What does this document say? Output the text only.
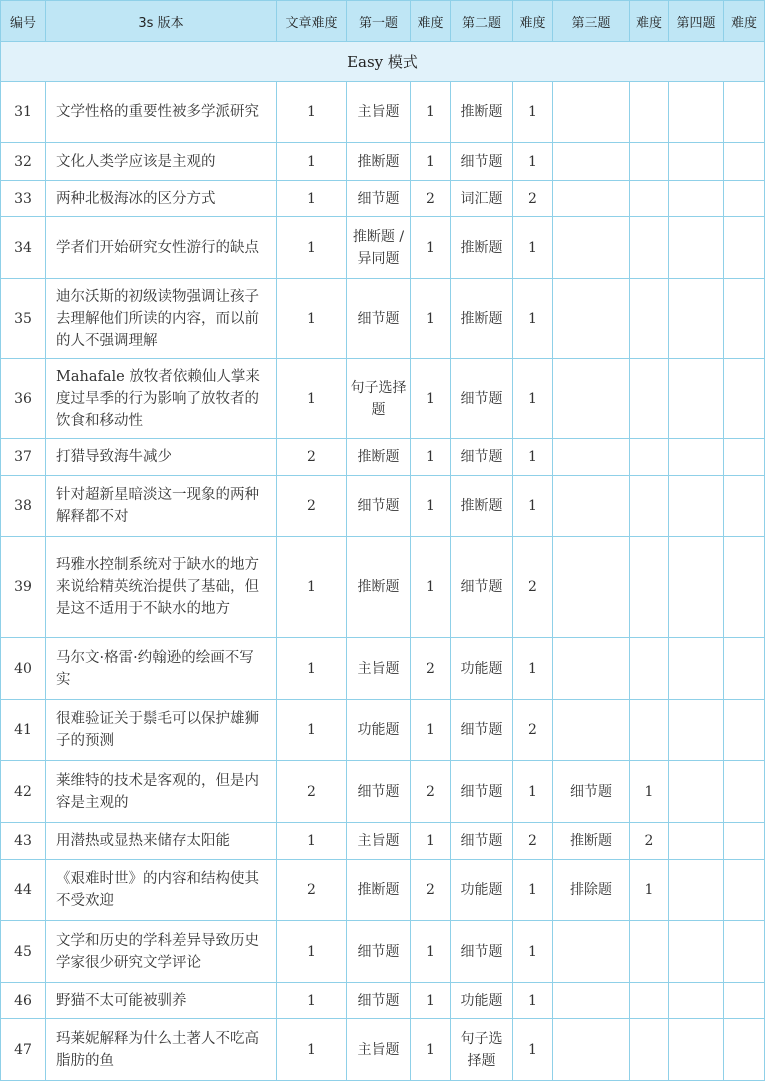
编号	3s 版本	文章难度	第一题	难度	第二题	难度	第三题	难度	第四题	难度
Easy 模式										
31	文学性格的重要性被多学派研究	1	主旨题	1	推断题	1				
32	文化人类学应该是主观的	1	推断题	1	细节题	1				
33	两种北极海冰的区分方式	1	细节题	2	词汇题	2				
34	学者们开始研究女性游行的缺点	1	推断题 / 异同题	1	推断题	1				
35	迪尔沃斯的初级读物强调让孩子去理解他们所读的内容，而以前的人不强调理解	1	细节题	1	推断题	1				
36	Mahafale 放牧者依赖仙人掌来度过旱季的行为影响了放牧者的饮食和移动性	1	句子选择题	1	细节题	1				
37	打猎导致海牛减少	2	推断题	1	细节题	1				
38	针对超新星暗淡这一现象的两种解释都不对	2	细节题	1	推断题	1				
39	玛雅水控制系统对于缺水的地方来说给精英统治提供了基础，但是这不适用于不缺水的地方	1	推断题	1	细节题	2				
40	马尔文·格雷·约翰逊的绘画不写实	1	主旨题	2	功能题	1				
41	很难验证关于鬃毛可以保护雄狮子的预测	1	功能题	1	细节题	2				
42	莱维特的技术是客观的，但是内容是主观的	2	细节题	2	细节题	1	细节题	1		
43	用潜热或显热来储存太阳能	1	主旨题	1	细节题	2	推断题	2		
44	《艰难时世》的内容和结构使其不受欢迎	2	推断题	2	功能题	1	排除题	1		
45	文学和历史的学科差异导致历史学家很少研究文学评论	1	细节题	1	细节题	1				
46	野猫不太可能被驯养	1	细节题	1	功能题	1				
47	玛莱妮解释为什么土著人不吃高脂肪的鱼	1	主旨题	1	句子选择题	1				
